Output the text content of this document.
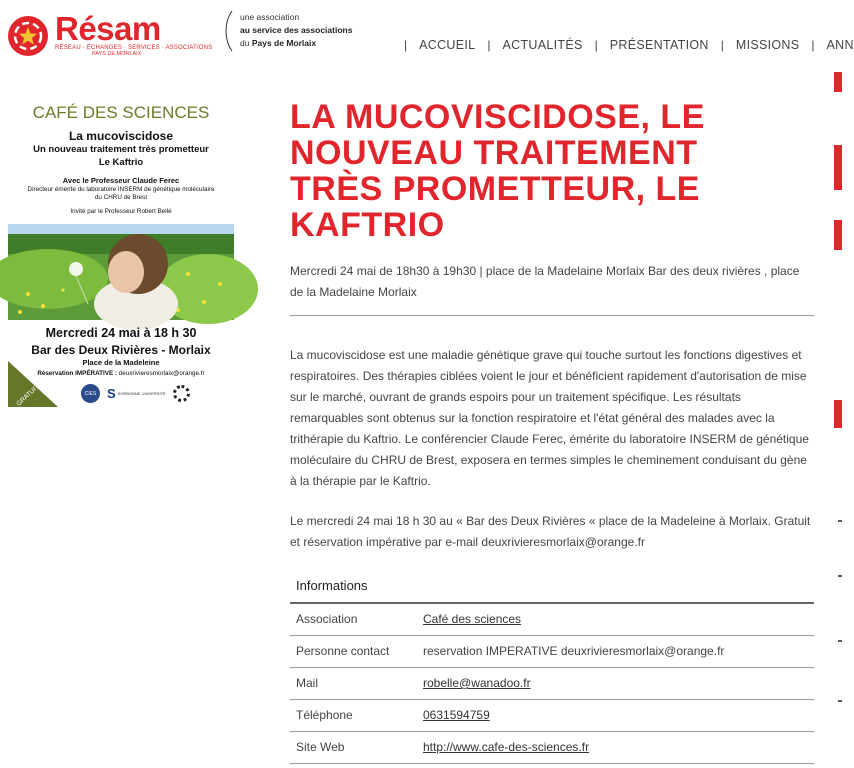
Résam
RÉSEAU · ÉCHANGES · SERVICES · ASSOCIATIONS
PAYS DE MORLAIX
une association
au service des associations
du Pays de Morlaix	| ACCUEIL | ACTUALITÉS | PRÉSENTATION | MISSIONS | ANN
CAFÉ DES SCIENCES
La mucoviscidose
Un nouveau traitement très prometteur
Le Kaftrio
Avec le Professeur Claude Ferec
Directeur émérite du laboratoire INSERM de génétique moléculaire
du CHRU de Brest
Invité par le Professeur Robert Bellé
Mercredi 24 mai à 18 h 30
Bar des Deux Rivières - Morlaix
Place de la Madeleine
Réservation IMPÉRATIVE : deuxrivieresmorlaix@orange.fr
GRATUIT	CIES S SORBONNE UNIVERSITÉ
LA MUCOVISCIDOSE, LE NOUVEAU TRAITEMENT TRÈS PROMETTEUR, LE KAFTRIO
Mercredi 24 mai de 18h30 à 19h30 | place de la Madelaine Morlaix Bar des deux rivières , place de la Madelaine Morlaix

La mucoviscidose est une maladie génétique grave qui touche surtout les fonctions digestives et respiratoires. Des thérapies ciblées voient le jour et bénéficient rapidement d'autorisation de mise sur le marché, ouvrant de grands espoirs pour un traitement spécifique. Les résultats remarquables sont obtenus sur la fonction respiratoire et l'état général des malades avec la trithérapie du Kaftrio. Le conférencier Claude Ferec, émérite du laboratoire INSERM de génétique moléculaire du CHRU de Brest, exposera en termes simples le cheminement conduisant du gène à la thérapie par le Kaftrio.

Le mercredi 24 mai 18 h 30 au « Bar des Deux Rivières « place de la Madeleine à Morlaix. Gratuit et réservation impérative par e-mail deuxrivieresmorlaix@orange.fr

Informations
Association	Café des sciences
Personne contact	reservation IMPERATIVE deuxrivieresmorlaix@orange.fr
Mail	robelle@wanadoo.fr
Téléphone	0631594759
Site Web	http://www.cafe-des-sciences.fr
